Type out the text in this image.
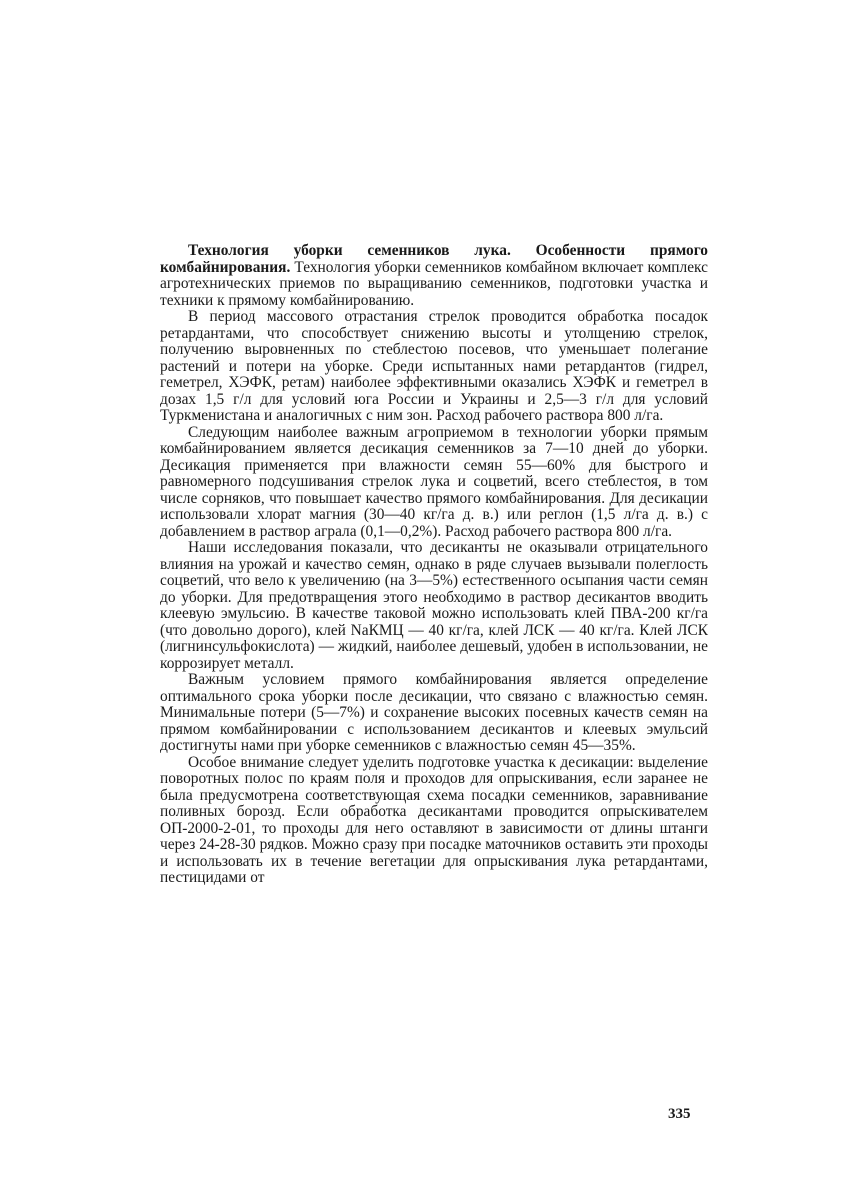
Технология уборки семенников лука. Особенности прямого комбайнирования. Технология уборки семенников комбайном включает комплекс агротехнических приемов по выращиванию семенников, подготовки участка и техники к прямому комбайнированию.

В период массового отрастания стрелок проводится обработка посадок ретардантами, что способствует снижению высоты и утолщению стрелок, получению выровненных по стеблестою посевов, что уменьшает полегание растений и потери на уборке. Среди испытанных нами ретардантов (гидрел, геметрел, ХЭФК, ретам) наиболее эффективными оказались ХЭФК и геметрел в дозах 1,5 г/л для условий юга России и Украины и 2,5—3 г/л для условий Туркменистана и аналогичных с ним зон. Расход рабочего раствора 800 л/га.

Следующим наиболее важным агроприемом в технологии уборки прямым комбайнированием является десикация семенников за 7—10 дней до уборки. Десикация применяется при влажности семян 55—60% для быстрого и равномерного подсушивания стрелок лука и соцветий, всего стеблестоя, в том числе сорняков, что повышает качество прямого комбайнирования. Для десикации использовали хлорат магния (30—40 кг/га д. в.) или реглон (1,5 л/га д. в.) с добавлением в раствор аграла (0,1—0,2%). Расход рабочего раствора 800 л/га.

Наши исследования показали, что десиканты не оказывали отрицательного влияния на урожай и качество семян, однако в ряде случаев вызывали полеглость соцветий, что вело к увеличению (на 3—5%) естественного осыпания части семян до уборки. Для предотвращения этого необходимо в раствор десикантов вводить клеевую эмульсию. В качестве таковой можно использовать клей ПВА-200 кг/га (что довольно дорого), клей NaКМЦ — 40 кг/га, клей ЛСК — 40 кг/га. Клей ЛСК (лигнинсульфокислота) — жидкий, наиболее дешевый, удобен в использовании, не коррозирует металл.

Важным условием прямого комбайнирования является определение оптимального срока уборки после десикации, что связано с влажностью семян. Минимальные потери (5—7%) и сохранение высоких посевных качеств семян на прямом комбайнировании с использованием десикантов и клеевых эмульсий достигнуты нами при уборке семенников с влажностью семян 45—35%.

Особое внимание следует уделить подготовке участка к десикации: выделение поворотных полос по краям поля и проходов для опрыскивания, если заранее не была предусмотрена соответствующая схема посадки семенников, заравнивание поливных борозд. Если обработка десикантами проводится опрыскивателем ОП-2000-2-01, то проходы для него оставляют в зависимости от длины штанги через 24-28-30 рядков. Можно сразу при посадке маточников оставить эти проходы и использовать их в течение вегетации для опрыскивания лука ретардантами, пестицидами от

335
